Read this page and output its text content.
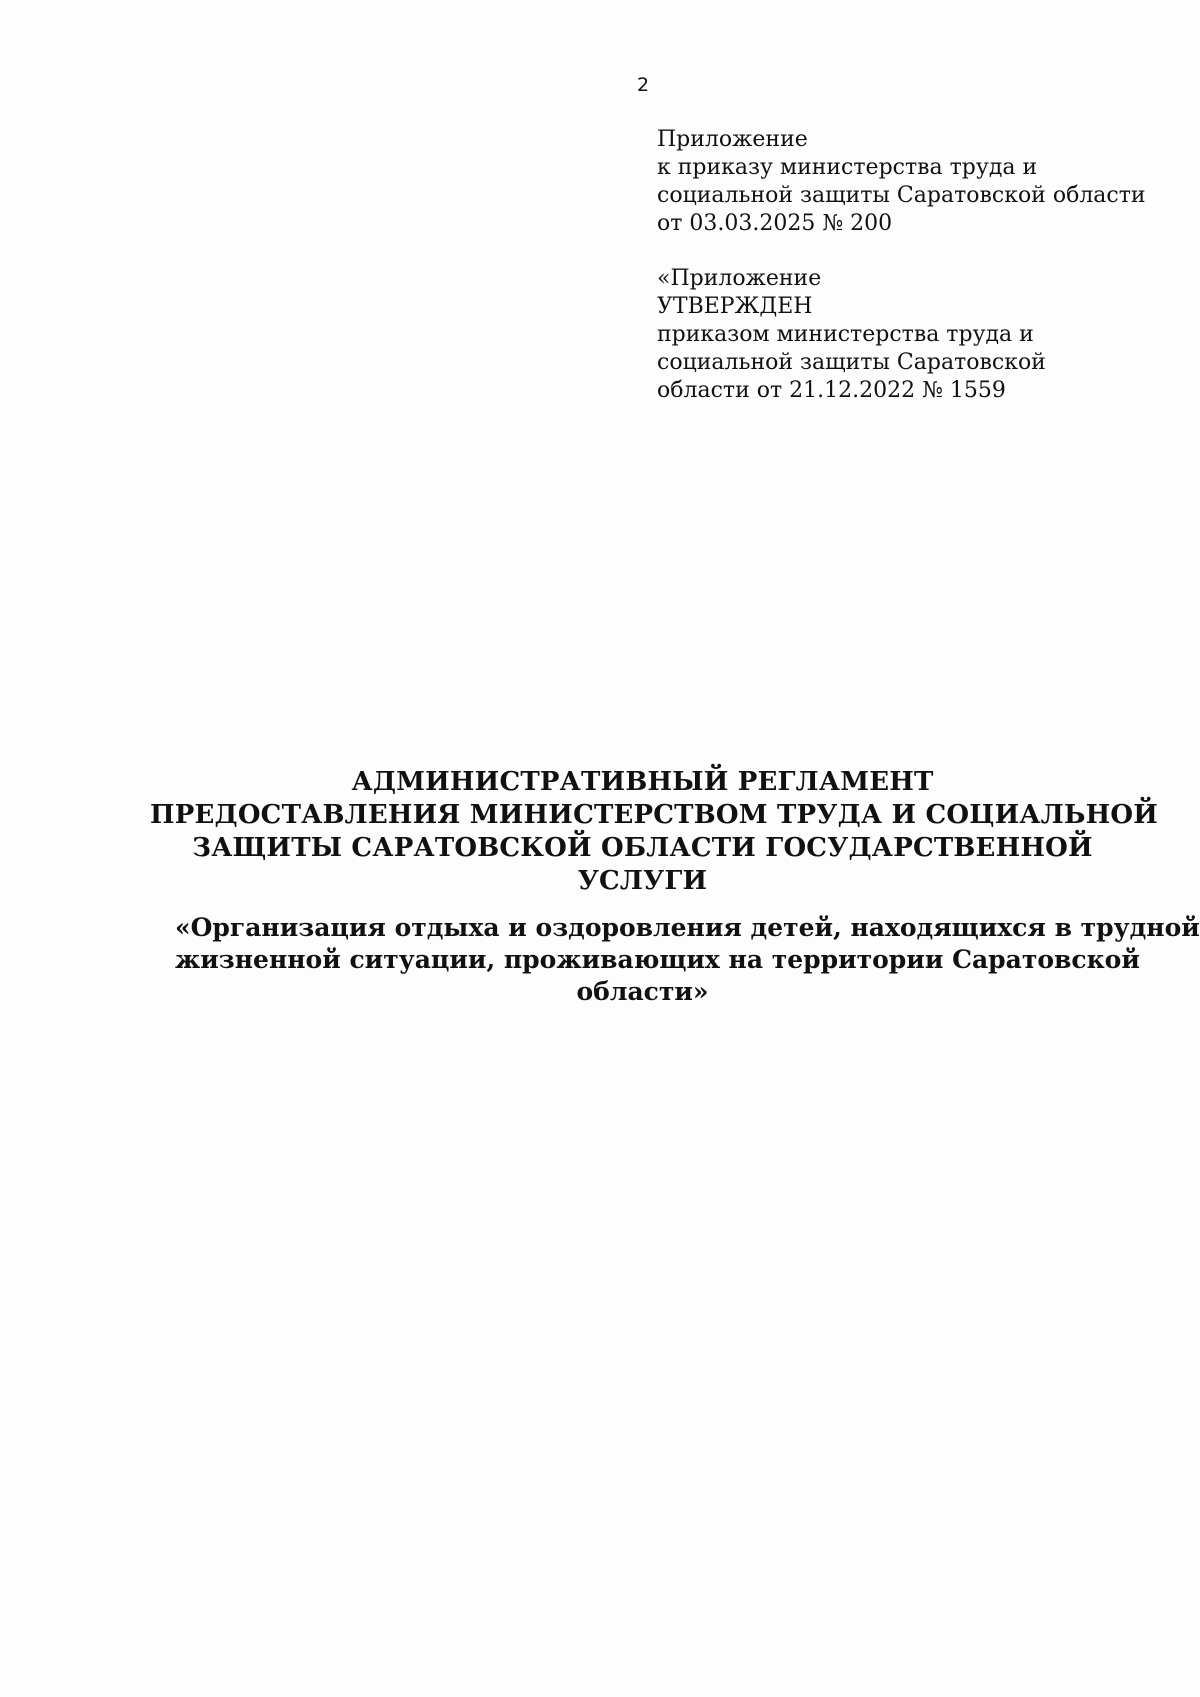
2
Приложение
к приказу министерства труда и
социальной защиты Саратовской области
от 03.03.2025 № 200
«Приложение
УТВЕРЖДЕН
приказом министерства труда и социальной защиты Саратовской области от 21.12.2022 № 1559
АДМИНИСТРАТИВНЫЙ РЕГЛАМЕНТ
ПРЕДОСТАВЛЕНИЯ МИНИСТЕРСТВОМ ТРУДА И СОЦИАЛЬНОЙ
ЗАЩИТЫ САРАТОВСКОЙ ОБЛАСТИ ГОСУДАРСТВЕННОЙ
УСЛУГИ
«Организация отдыха и оздоровления детей, находящихся в трудной
жизненной ситуации, проживающих на территории Саратовской
области»
